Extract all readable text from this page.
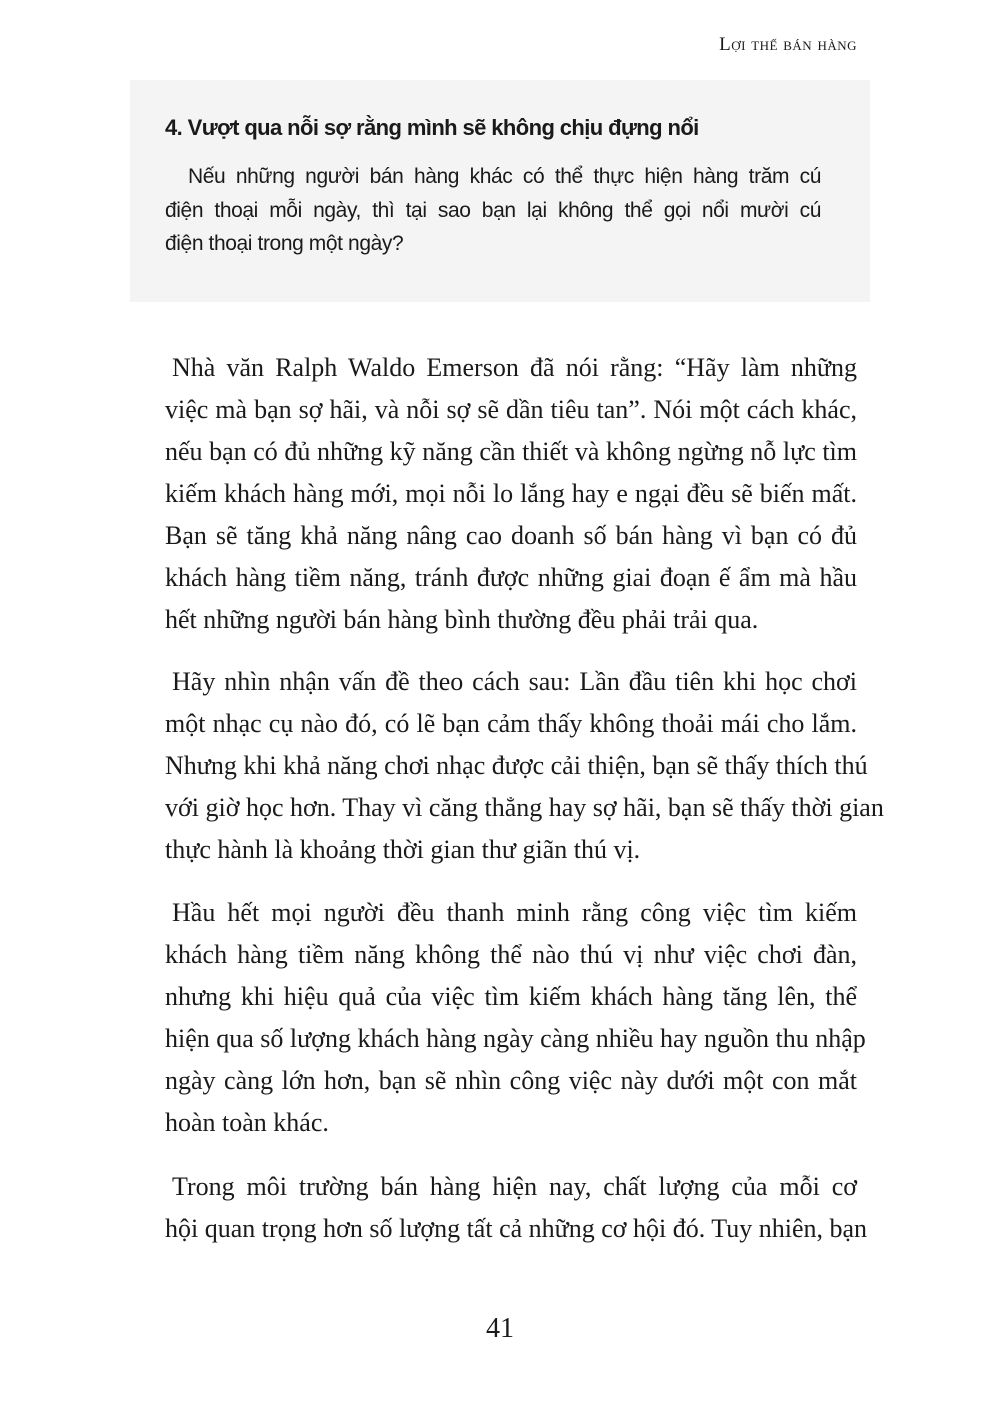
Lợi thế bán hàng
4. Vượt qua nỗi sợ rằng mình sẽ không chịu đựng nổi
Nếu những người bán hàng khác có thể thực hiện hàng trăm cú
điện thoại mỗi ngày, thì tại sao bạn lại không thể gọi nổi mười cú
điện thoại trong một ngày?
Nhà văn Ralph Waldo Emerson đã nói rằng: “Hãy làm những
việc mà bạn sợ hãi, và nỗi sợ sẽ dần tiêu tan”. Nói một cách khác,
nếu bạn có đủ những kỹ năng cần thiết và không ngừng nỗ lực tìm
kiếm khách hàng mới, mọi nỗi lo lắng hay e ngại đều sẽ biến mất.
Bạn sẽ tăng khả năng nâng cao doanh số bán hàng vì bạn có đủ
khách hàng tiềm năng, tránh được những giai đoạn ế ẩm mà hầu
hết những người bán hàng bình thường đều phải trải qua.
Hãy nhìn nhận vấn đề theo cách sau: Lần đầu tiên khi học chơi
một nhạc cụ nào đó, có lẽ bạn cảm thấy không thoải mái cho lắm.
Nhưng khi khả năng chơi nhạc được cải thiện, bạn sẽ thấy thích thú
với giờ học hơn. Thay vì căng thẳng hay sợ hãi, bạn sẽ thấy thời gian
thực hành là khoảng thời gian thư giãn thú vị.
Hầu hết mọi người đều thanh minh rằng công việc tìm kiếm
khách hàng tiềm năng không thể nào thú vị như việc chơi đàn,
nhưng khi hiệu quả của việc tìm kiếm khách hàng tăng lên, thể
hiện qua số lượng khách hàng ngày càng nhiều hay nguồn thu nhập
ngày càng lớn hơn, bạn sẽ nhìn công việc này dưới một con mắt
hoàn toàn khác.
Trong môi trường bán hàng hiện nay, chất lượng của mỗi cơ
hội quan trọng hơn số lượng tất cả những cơ hội đó. Tuy nhiên, bạn
41
